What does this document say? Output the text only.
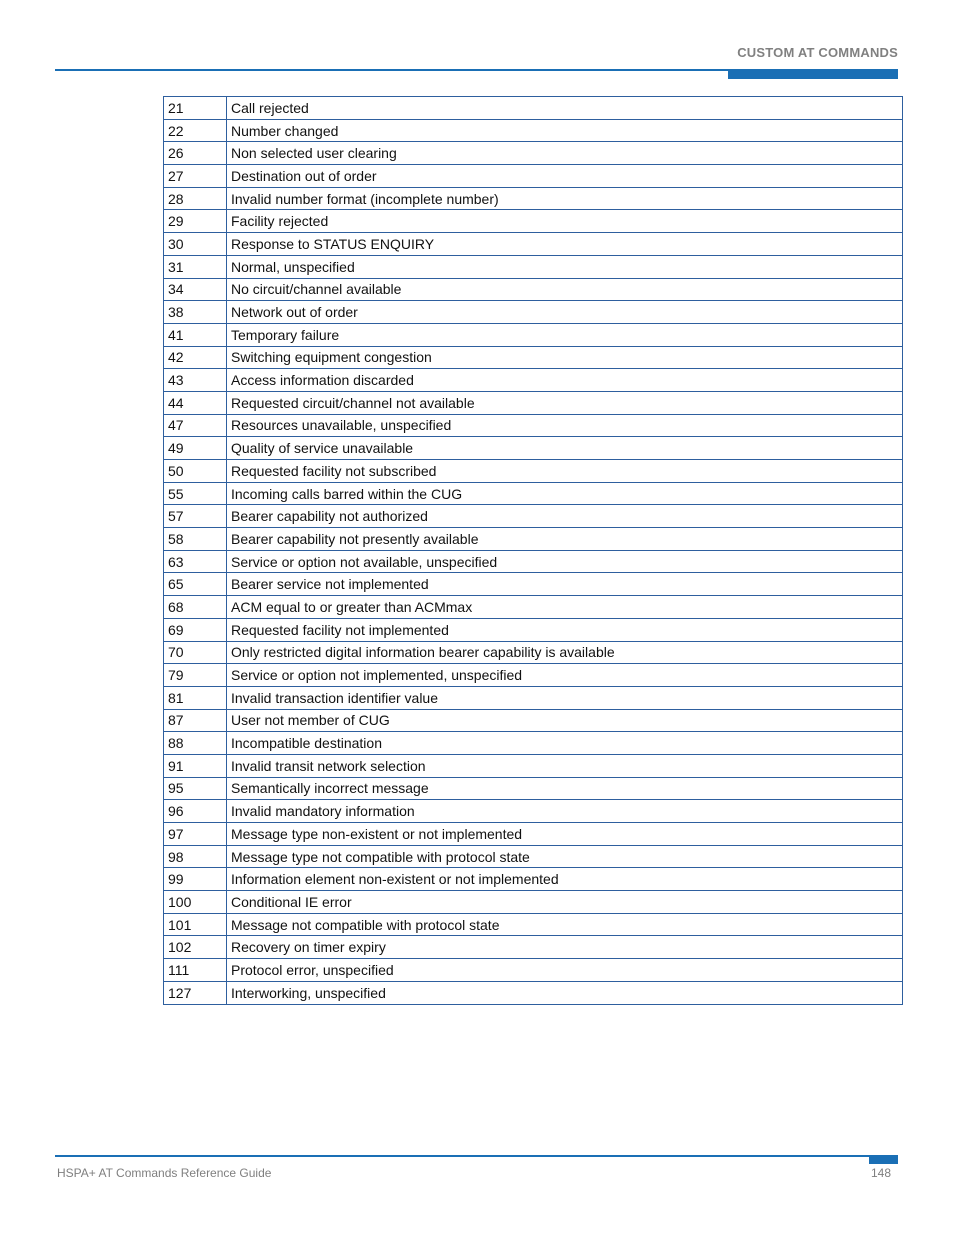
CUSTOM AT COMMANDS
21	Call rejected
22	Number changed
26	Non selected user clearing
27	Destination out of order
28	Invalid number format (incomplete number)
29	Facility rejected
30	Response to STATUS ENQUIRY
31	Normal, unspecified
34	No circuit/channel available
38	Network out of order
41	Temporary failure
42	Switching equipment congestion
43	Access information discarded
44	Requested circuit/channel not available
47	Resources unavailable, unspecified
49	Quality of service unavailable
50	Requested facility not subscribed
55	Incoming calls barred within the CUG
57	Bearer capability not authorized
58	Bearer capability not presently available
63	Service or option not available, unspecified
65	Bearer service not implemented
68	ACM equal to or greater than ACMmax
69	Requested facility not implemented
70	Only restricted digital information bearer capability is available
79	Service or option not implemented, unspecified
81	Invalid transaction identifier value
87	User not member of CUG
88	Incompatible destination
91	Invalid transit network selection
95	Semantically incorrect message
96	Invalid mandatory information
97	Message type non-existent or not implemented
98	Message type not compatible with protocol state
99	Information element non-existent or not implemented
100	Conditional IE error
101	Message not compatible with protocol state
102	Recovery on timer expiry
111	Protocol error, unspecified
127	Interworking, unspecified
HSPA+ AT Commands Reference Guide	148
